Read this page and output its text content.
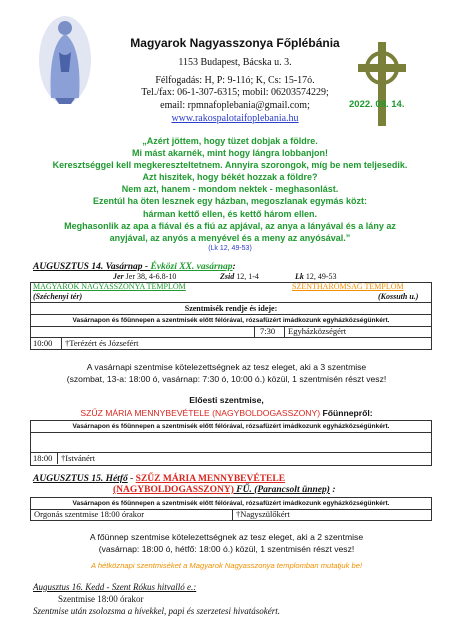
Magyarok Nagyasszonya Főplébánia
1153 Budapest, Bácska u. 3.
Félfogadás: H, P: 9-11ó; K, Cs: 15-17ó.
Tel./fax: 06-1-307-6315; mobil: 06203574229;
email: rpmnafoplebania@gmail.com;
www.rakospalotaifoplebania.hu
2022. 08. 14.
„Azért jöttem, hogy tüzet dobjak a földre.
Mi mást akarnék, mint hogy lángra lobbanjon!
Keresztséggel kell megkereszteltetnem. Annyira szorongok, míg be nem teljesedik.
Azt hiszitek, hogy békét hozzak a földre?
Nem azt, hanem - mondom nektek - meghasonlást.
Ezentúl ha öten lesznek egy házban, megoszlanak egymás közt:
hárman kettő ellen, és kettő három ellen.
Meghasonlik az apa a fiával és a fiú az apjával, az anya a lányával és a lány az
anyjával, az anyós a menyével és a meny az anyósával.”
(Lk 12, 49-53)
AUGUSZTUS 14. Vasárnap - Évközi XX. vasárnap:
Jer Jer 38, 4-6.8-10	Zsid 12, 1-4	Lk 12, 49-53
MAGYAROK NAGYASSZONYA TEMPLOM	SZENTHÁROMSÁG TEMPLOM
(Széchenyi tér)	(Kossuth u.)
Szentmisék rendje és ideje:
Vasárnapon és főünnepen a szentmisék előtt félórával, rózsafüzért imádkozunk egyházközségünkért.
7:30 Egyházközségért
10:00 †Terézért és Józsefért
A vasárnapi szentmise kötelezettségnek az tesz eleget, aki a 3 szentmise
(szombat, 13-a: 18:00 ó, vasárnap: 7:30 ó, 10:00 ó.) közül, 1 szentmisén részt vesz!
Előesti szentmise,
SZŰZ MÁRIA MENNYBEVÉTELE (NAGYBOLDOGASSZONY) Főünnepről:
Vasárnapon és főünnepen a szentmisék előtt félórával, rózsafüzért imádkozunk egyházközségünkért.
18:00 †Istvánért
AUGUSZTUS 15. Hétfő - SZŰZ MÁRIA MENNYBEVÉTELE
(NAGYBOLDOGASSZONY) FŰ. (Parancsolt ünnep) :
Vasárnapon és főünnepen a szentmisék előtt félórával, rózsafüzért imádkozunk egyházközségünkért.
Orgonás szentmise 18:00 órakor	†Nagyszülőkért
A főünnep szentmise kötelezettségnek az tesz eleget, aki a 2 szentmise
(vasárnap: 18:00 ó, hétfő: 18:00 ó.) közül, 1 szentmisén részt vesz!
A hétköznapi szentmiséket a Magyarok Nagyasszonya templomban mutatjuk be!
Augusztus 16. Kedd - Szent Rókus hitvalló e.:
Szentmise 18:00 órakor
Szentmise után zsolozsma a hívekkel, papi és szerzetesi hivatásokért.
